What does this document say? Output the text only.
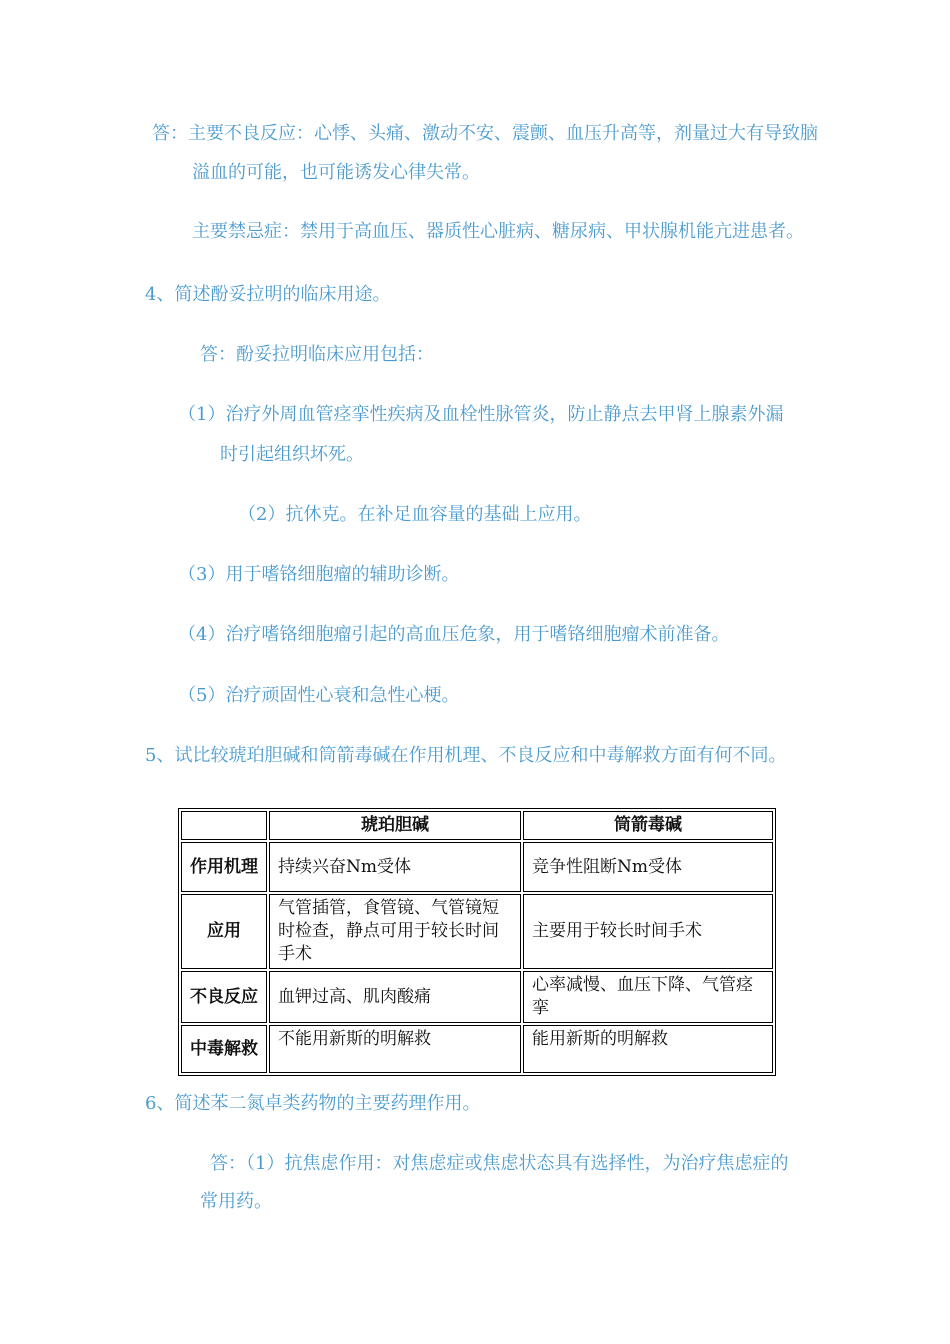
答：主要不良反应：心悸、头痛、激动不安、震颤、血压升高等，剂量过大有导致脑
溢血的可能，也可能诱发心律失常。
主要禁忌症：禁用于高血压、器质性心脏病、糖尿病、甲状腺机能亢进患者。
4、简述酚妥拉明的临床用途。
答：酚妥拉明临床应用包括：
（1）治疗外周血管痉挛性疾病及血栓性脉管炎，防止静点去甲肾上腺素外漏
时引起组织坏死。
（2）抗休克。在补足血容量的基础上应用。
（3）用于嗜铬细胞瘤的辅助诊断。
（4）治疗嗜铬细胞瘤引起的高血压危象，用于嗜铬细胞瘤术前准备。
（5）治疗顽固性心衰和急性心梗。
5、试比较琥珀胆碱和筒箭毒碱在作用机理、不良反应和中毒解救方面有何不同。
	琥珀胆碱	筒箭毒碱
作用机理	持续兴奋Nm受体	竞争性阻断Nm受体
应用	气管插管，食管镜、气管镜短时检查，静点可用于较长时间手术	主要用于较长时间手术
不良反应	血钾过高、肌肉酸痛	心率减慢、血压下降、气管痉挛
中毒解救	不能用新斯的明解救	能用新斯的明解救
6、简述苯二氮卓类药物的主要药理作用。
答：（1）抗焦虑作用：对焦虑症或焦虑状态具有选择性，为治疗焦虑症的
常用药。
